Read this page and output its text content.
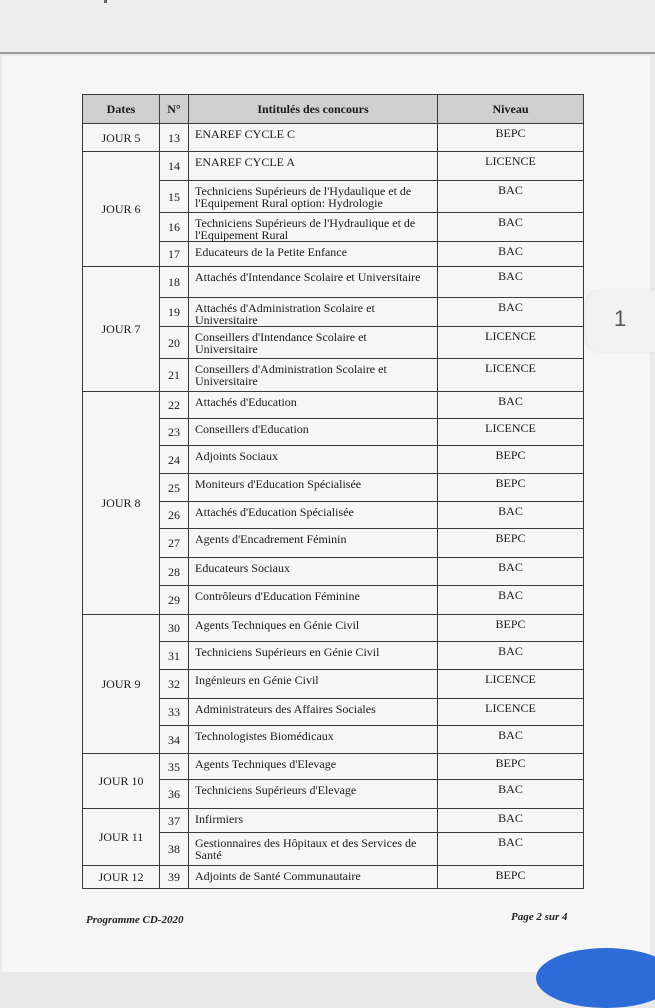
Dates	N°	Intitulés des concours	Niveau
JOUR 5	13	ENAREF CYCLE C	BEPC
JOUR 6	14	ENAREF CYCLE A	LICENCE
	15	Techniciens Supérieurs de l'Hydaulique et de l'Equipement Rural option: Hydrologie	BAC
	16	Techniciens Supérieurs de l'Hydraulique et de l'Equipement Rural	BAC
	17	Educateurs de la Petite Enfance	BAC
JOUR 7	18	Attachés d'Intendance Scolaire et Universitaire	BAC
	19	Attachés d'Administration Scolaire et Universitaire	BAC
	20	Conseillers d'Intendance Scolaire et Universitaire	LICENCE
	21	Conseillers d'Administration Scolaire et Universitaire	LICENCE
JOUR 8	22	Attachés d'Education	BAC
	23	Conseillers d'Education	LICENCE
	24	Adjoints Sociaux	BEPC
	25	Moniteurs d'Education Spécialisée	BEPC
	26	Attachés d'Education Spécialisée	BAC
	27	Agents d'Encadrement Féminin	BEPC
	28	Educateurs Sociaux	BAC
	29	Contrôleurs d'Education Féminine	BAC
JOUR 9	30	Agents Techniques en Génie Civil	BEPC
	31	Techniciens Supérieurs en Génie Civil	BAC
	32	Ingénieurs en Génie Civil	LICENCE
	33	Administrateurs des Affaires Sociales	LICENCE
	34	Technologistes Biomédicaux	BAC
JOUR 10	35	Agents Techniques d'Elevage	BEPC
	36	Techniciens Supérieurs d'Elevage	BAC
JOUR 11	37	Infirmiers	BAC
	38	Gestionnaires des Hôpitaux et des Services de Santé	BAC
JOUR 12	39	Adjoints de Santé Communautaire	BEPC
Programme CD-2020	Page 2 sur 4
1
